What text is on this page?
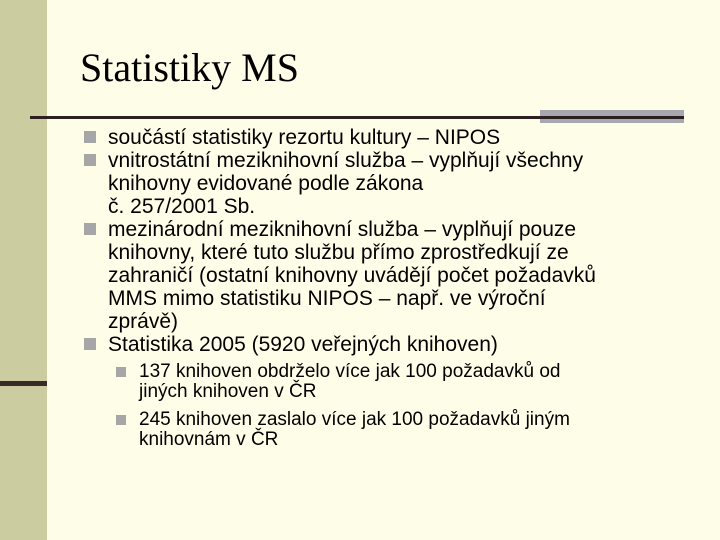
Statistiky MS
součástí statistiky rezortu kultury – NIPOS
vnitrostátní meziknihovní služba – vyplňují všechny
knihovny evidované podle zákona
č. 257/2001 Sb.
mezinárodní meziknihovní služba – vyplňují pouze
knihovny, které tuto službu přímo zprostředkují ze
zahraničí (ostatní knihovny uvádějí počet požadavků
MMS mimo statistiku NIPOS – např. ve výroční
zprávě)
Statistika 2005 (5920 veřejných knihoven)
137 knihoven obdrželo více jak 100 požadavků od
jiných knihoven v ČR
245 knihoven zaslalo více jak 100 požadavků jiným
knihovnám v ČR
